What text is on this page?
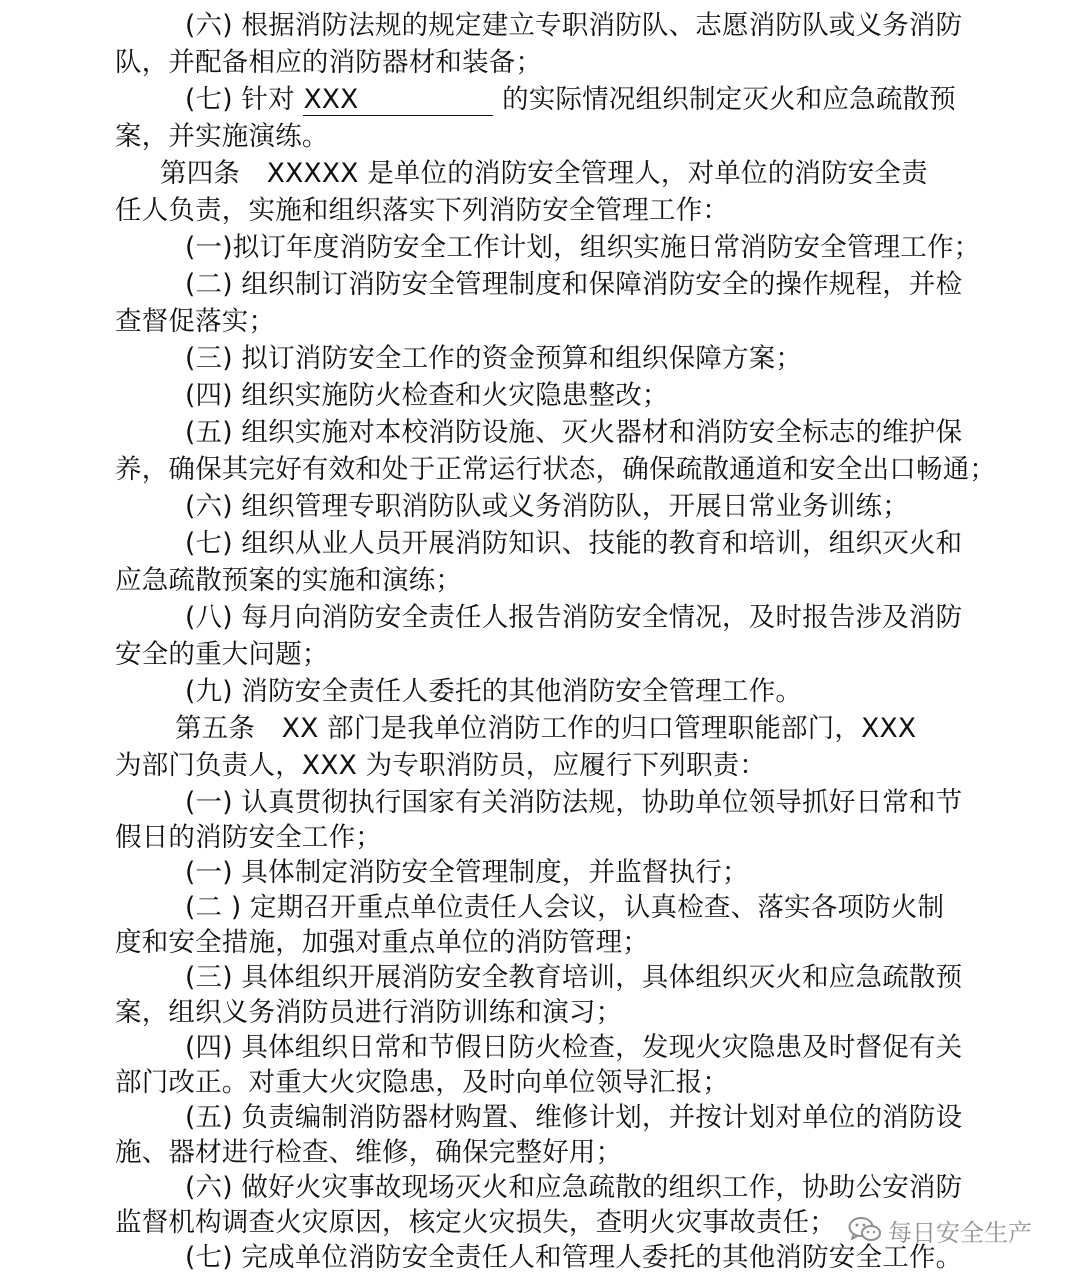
(六) 根据消防法规的规定建立专职消防队、志愿消防队或义务消防
队，并配备相应的消防器材和装备；
(七) 针对 XXX	的实际情况组织制定灭火和应急疏散预
案，并实施演练。
第四条　XXXXX 是单位的消防安全管理人，对单位的消防安全责
任人负责，实施和组织落实下列消防安全管理工作：
(一)拟订年度消防安全工作计划，组织实施日常消防安全管理工作；
(二) 组织制订消防安全管理制度和保障消防安全的操作规程，并检
查督促落实；
(三) 拟订消防安全工作的资金预算和组织保障方案；
(四) 组织实施防火检查和火灾隐患整改；
(五) 组织实施对本校消防设施、灭火器材和消防安全标志的维护保
养，确保其完好有效和处于正常运行状态，确保疏散通道和安全出口畅通；
(六) 组织管理专职消防队或义务消防队，开展日常业务训练；
(七) 组织从业人员开展消防知识、技能的教育和培训，组织灭火和
应急疏散预案的实施和演练；
(八) 每月向消防安全责任人报告消防安全情况，及时报告涉及消防
安全的重大问题；
(九) 消防安全责任人委托的其他消防安全管理工作。
第五条　XX 部门是我单位消防工作的归口管理职能部门，XXX
为部门负责人，XXX 为专职消防员，应履行下列职责：
(一) 认真贯彻执行国家有关消防法规，协助单位领导抓好日常和节
假日的消防安全工作；
(一) 具体制定消防安全管理制度，并监督执行；
(二 ) 定期召开重点单位责任人会议，认真检查、落实各项防火制
度和安全措施，加强对重点单位的消防管理；
(三) 具体组织开展消防安全教育培训，具体组织灭火和应急疏散预
案，组织义务消防员进行消防训练和演习；
(四) 具体组织日常和节假日防火检查，发现火灾隐患及时督促有关
部门改正。对重大火灾隐患，及时向单位领导汇报；
(五) 负责编制消防器材购置、维修计划，并按计划对单位的消防设
施、器材进行检查、维修，确保完整好用；
(六) 做好火灾事故现场灭火和应急疏散的组织工作，协助公安消防
监督机构调查火灾原因，核定火灾损失，查明火灾事故责任；
(七) 完成单位消防安全责任人和管理人委托的其他消防安全工作。
每日安全生产
